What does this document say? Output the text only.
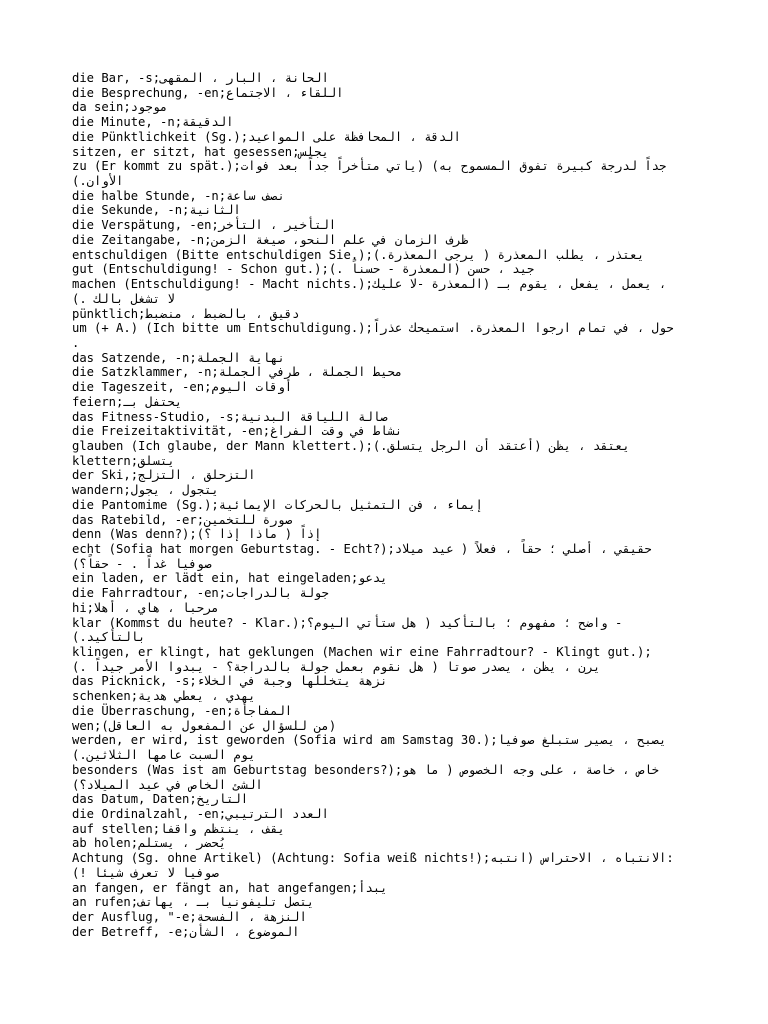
die Bar, -s;الحانة ، البار ، المقهى
die Besprechung, -en;اللقاء ، الاجتماع
da sein;موجود
die Minute, -n;الدقيقة
die Pünktlichkeit (Sg.);الدقة ، المحافظة على المواعيد
sitzen, er sitzt, hat gesessen;يجلس
zu (Er kommt zu spät.);جداً لدرجة كبيرة تفوق المسموح به) (ياتي متأخراً جداً بعد فوات
الأوان.)
die halbe Stunde, -n;نصف ساعة
die Sekunde, -n;الثانية
die Verspätung, -en;التأخير ، التأخر
die Zeitangabe, -n;ظرف الزمان في علم النحو، صيغة الزمن
entschuldigen (Bitte entschuldigen Sie.);يعتذر ، يطلب المعذرة ( يرجى المعذرة.)
gut (Entschuldigung! - Schon gut.);جيد ، حسن (المعذرة - حسناً .)
machen (Entschuldigung! - Macht nichts.);يعمل ، يفعل ، يقوم بـ (المعذرة -لا عليك ،
لا تشغل بالك .)
pünktlich;دقيق ، بالضبط ، منضبط
um (+ A.) (Ich bitte um Entschuldigung.);حول ، في تمام ارجوا المعذرة. استميحك عذراً
.
das Satzende, -n;نهاية الجملة
die Satzklammer, -n;محيط الجملة ، طرفي الجملة
die Tageszeit, -en;أوقات اليوم
feiern;يحتفل بـ
das Fitness-Studio, -s;صالة اللياقة البدنية
die Freizeitaktivität, -en;نشاط في وقت الفراغ
glauben (Ich glaube, der Mann klettert.);يعتقد ، يظن (أعتقد أن الرجل يتسلق.)
klettern;يتسلق
der Ski,;التزحلق ، التزلج
wandern;يتجول ، يجول
die Pantomime (Sg.);إيماء ، فن التمثيل بالحركات الإيمائية
das Ratebild, -er;صورة للتخمين
denn (Was denn?);إذاً ( ماذا إذا ؟)
echt (Sofia hat morgen Geburtstag. - Echt?);حقيقي ، أصلي ؛ حقاً ، فعلاً ( عيد ميلاد
صوفيا غداً . - حقاً؟)
ein laden, er lädt ein, hat eingeladen;يدعو
die Fahrradtour, -en;جولة بالدراجات
hi;مرحبا ، هاي ، أهلا
klar (Kommst du heute? - Klar.);واضح ؛ مفهوم ؛ بالتأكيد ( هل ستأتي اليوم؟ -
بالتأكيد.)
klingen, er klingt, hat geklungen (Machen wir eine Fahrradtour? - Klingt gut.);
يرن ، يظن ، يصدر صوتا ( هل نقوم بعمل جولة بالدراجة؟ - يبدوا الأمر جيداً .)
das Picknick, -s;نزهة يتخللها وجبة في الخلاء
schenken;يهدي ، يعطي هدية
die Überraschung, -en;المفاجأة
wen;(من للسؤال عن المفعول به العاقل)
werden, er wird, ist geworden (Sofia wird am Samstag 30.);يصبح ، يصير ستبلغ صوفيا
يوم السبت عامها الثلاثين.)
besonders (Was ist am Geburtstag besonders?);خاص ، خاصة ، على وجه الخصوص ( ما هو
الشئ الخاص في عيد الميلاد؟)
das Datum, Daten;التاريخ
die Ordinalzahl, -en;العدد الترتيبي
auf stellen;يقف ، ينتظم واقفا
ab holen;يُحضر ، يستلم
Achtung (Sg. ohne Artikel) (Achtung: Sofia weiß nichts!);الانتباه ، الاحتراس (انتبه:
صوفيا لا تعرف شيئا !)
an fangen, er fängt an, hat angefangen;يبدأ
an rufen;يتصل تليفونيا بـ ، يهاتف
der Ausflug, "-e;النزهة ، الفسحة
der Betreff, -e;الموضوع ، الشأن
